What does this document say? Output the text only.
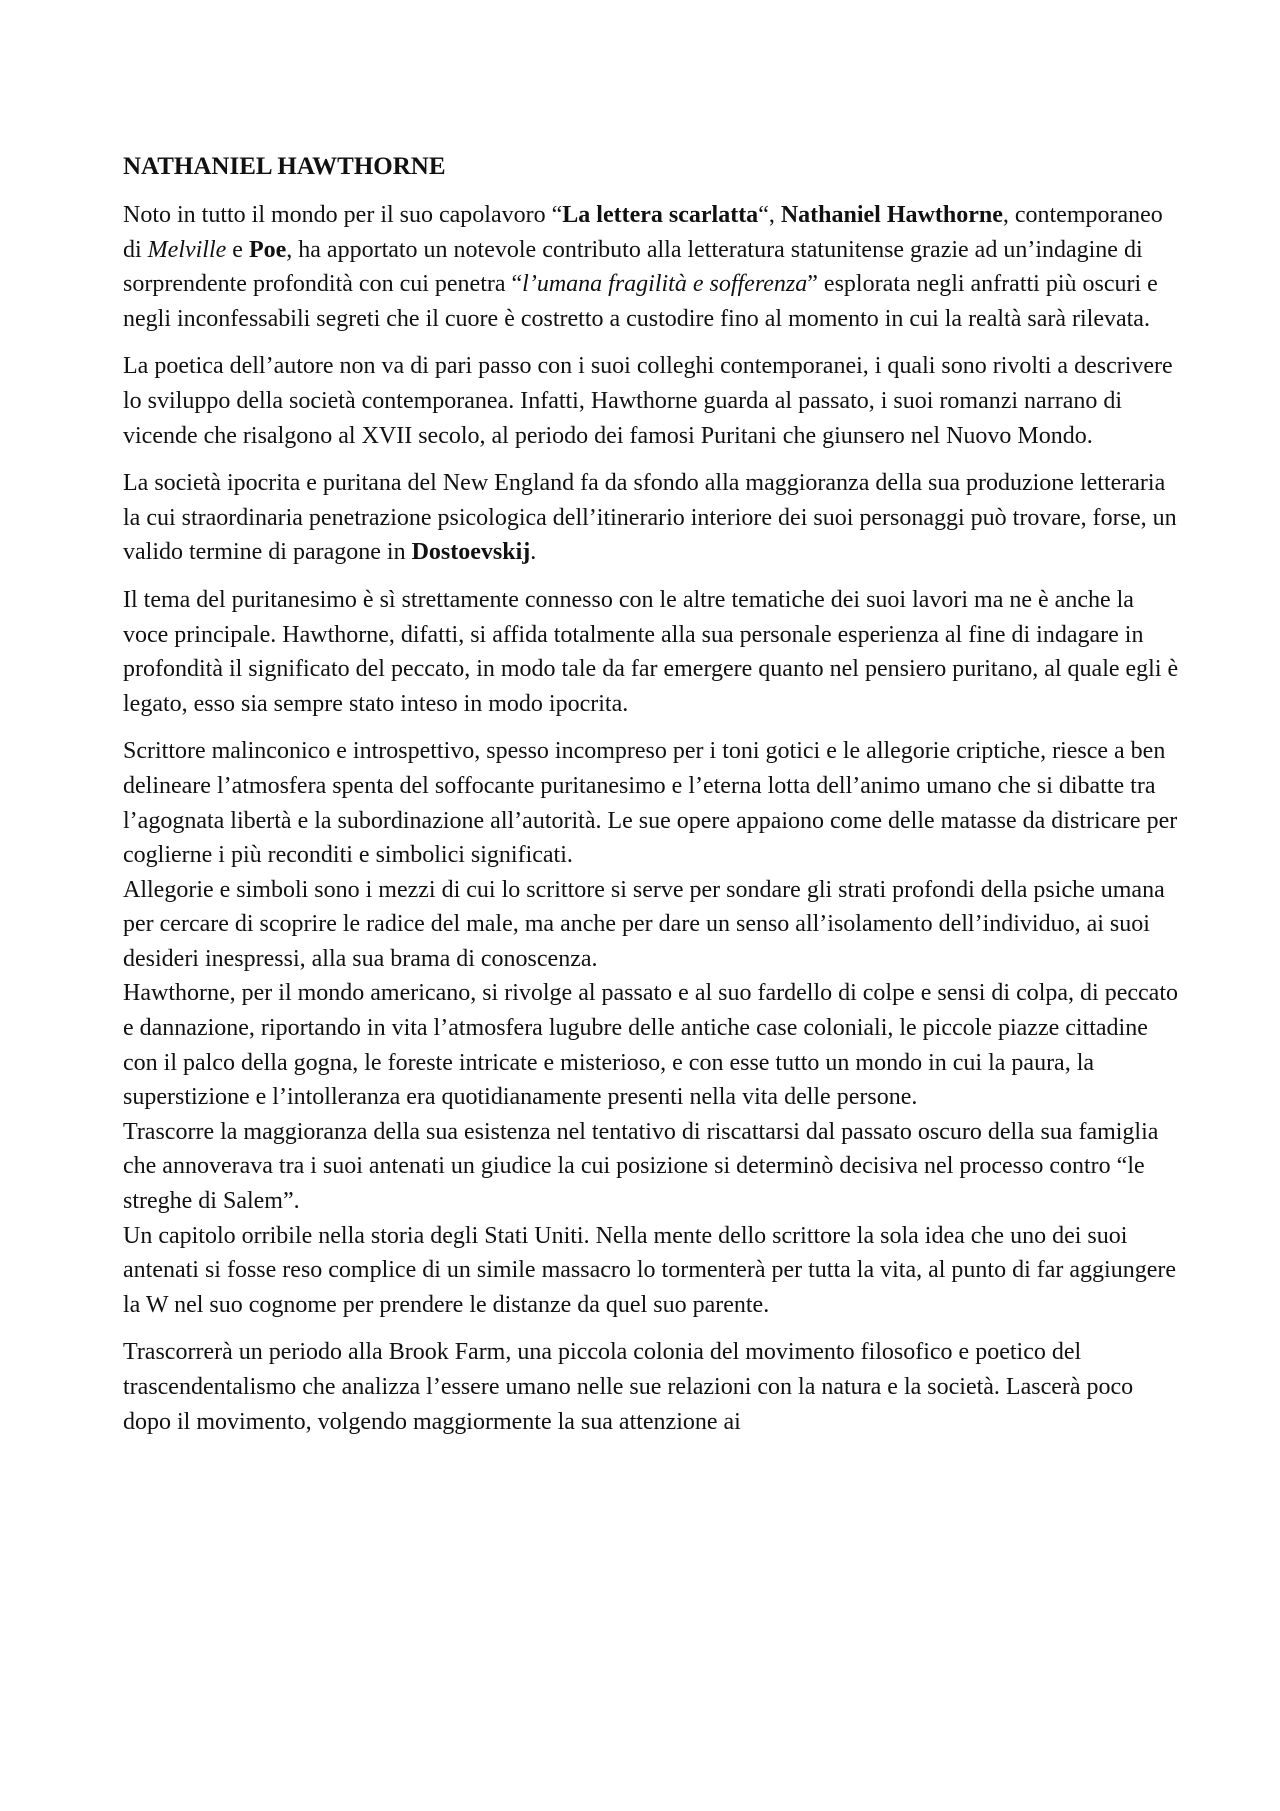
NATHANIEL HAWTHORNE

Noto in tutto il mondo per il suo capolavoro “La lettera scarlatta“, Nathaniel Hawthorne, contemporaneo di Melville e Poe, ha apportato un notevole contributo alla letteratura statunitense grazie ad un’indagine di sorprendente profondità con cui penetra “l’umana fragilità e sofferenza” esplorata negli anfratti più oscuri e negli inconfessabili segreti che il cuore è costretto a custodire fino al momento in cui la realtà sarà rilevata.

La poetica dell’autore non va di pari passo con i suoi colleghi contemporanei, i quali sono rivolti a descrivere lo sviluppo della società contemporanea. Infatti, Hawthorne guarda al passato, i suoi romanzi narrano di vicende che risalgono al XVII secolo, al periodo dei famosi Puritani che giunsero nel Nuovo Mondo.

La società ipocrita e puritana del New England fa da sfondo alla maggioranza della sua produzione letteraria la cui straordinaria penetrazione psicologica dell’itinerario interiore dei suoi personaggi può trovare, forse, un valido termine di paragone in Dostoevskij.

Il tema del puritanesimo è sì strettamente connesso con le altre tematiche dei suoi lavori ma ne è anche la voce principale. Hawthorne, difatti, si affida totalmente alla sua personale esperienza al fine di indagare in profondità il significato del peccato, in modo tale da far emergere quanto nel pensiero puritano, al quale egli è legato, esso sia sempre stato inteso in modo ipocrita.

Scrittore malinconico e introspettivo, spesso incompreso per i toni gotici e le allegorie criptiche, riesce a ben delineare l’atmosfera spenta del soffocante puritanesimo e l’eterna lotta dell’animo umano che si dibatte tra l’agognata libertà e la subordinazione all’autorità. Le sue opere appaiono come delle matasse da districare per coglierne i più reconditi e simbolici significati.

Allegorie e simboli sono i mezzi di cui lo scrittore si serve per sondare gli strati profondi della psiche umana per cercare di scoprire le radice del male, ma anche per dare un senso all’isolamento dell’individuo, ai suoi desideri inespressi, alla sua brama di conoscenza.

Hawthorne, per il mondo americano, si rivolge al passato e al suo fardello di colpe e sensi di colpa, di peccato e dannazione, riportando in vita l’atmosfera lugubre delle antiche case coloniali, le piccole piazze cittadine con il palco della gogna, le foreste intricate e misterioso, e con esse tutto un mondo in cui la paura, la superstizione e l’intolleranza era quotidianamente presenti nella vita delle persone.

Trascorre la maggioranza della sua esistenza nel tentativo di riscattarsi dal passato oscuro della sua famiglia che annoverava tra i suoi antenati un giudice la cui posizione si determinò decisiva nel processo contro “le streghe di Salem”.

Un capitolo orribile nella storia degli Stati Uniti. Nella mente dello scrittore la sola idea che uno dei suoi antenati si fosse reso complice di un simile massacro lo tormenterà per tutta la vita, al punto di far aggiungere la W nel suo cognome per prendere le distanze da quel suo parente.

Trascorrerà un periodo alla Brook Farm, una piccola colonia del movimento filosofico e poetico del trascendentalismo che analizza l’essere umano nelle sue relazioni con la natura e la società. Lascerà poco dopo il movimento, volgendo maggiormente la sua attenzione ai
